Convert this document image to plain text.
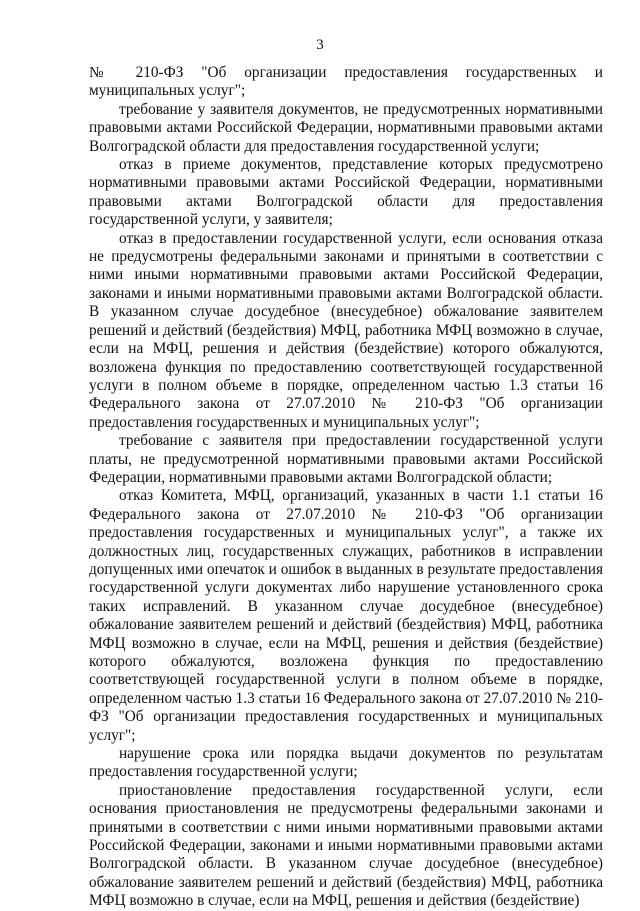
3

№ 210-ФЗ "Об организации предоставления государственных и муниципальных услуг";

требование у заявителя документов, не предусмотренных нормативными правовыми актами Российской Федерации, нормативными правовыми актами Волгоградской области для предоставления государственной услуги;

отказ в приеме документов, представление которых предусмотрено нормативными правовыми актами Российской Федерации, нормативными правовыми актами Волгоградской области для предоставления государственной услуги, у заявителя;

отказ в предоставлении государственной услуги, если основания отказа не предусмотрены федеральными законами и принятыми в соответствии с ними иными нормативными правовыми актами Российской Федерации, законами и иными нормативными правовыми актами Волгоградской области. В указанном случае досудебное (внесудебное) обжалование заявителем решений и действий (бездействия) МФЦ, работника МФЦ возможно в случае, если на МФЦ, решения и действия (бездействие) которого обжалуются, возложена функция по предоставлению соответствующей государственной услуги в полном объеме в порядке, определенном частью 1.3 статьи 16 Федерального закона от 27.07.2010 № 210-ФЗ "Об организации предоставления государственных и муниципальных услуг";

требование с заявителя при предоставлении государственной услуги платы, не предусмотренной нормативными правовыми актами Российской Федерации, нормативными правовыми актами Волгоградской области;

отказ Комитета, МФЦ, организаций, указанных в части 1.1 статьи 16 Федерального закона от 27.07.2010 № 210-ФЗ "Об организации предоставления государственных и муниципальных услуг", а также их должностных лиц, государственных служащих, работников в исправлении допущенных ими опечаток и ошибок в выданных в результате предоставления государственной услуги документах либо нарушение установленного срока таких исправлений. В указанном случае досудебное (внесудебное) обжалование заявителем решений и действий (бездействия) МФЦ, работника МФЦ возможно в случае, если на МФЦ, решения и действия (бездействие) которого обжалуются, возложена функция по предоставлению соответствующей государственной услуги в полном объеме в порядке, определенном частью 1.3 статьи 16 Федерального закона от 27.07.2010 № 210-ФЗ "Об организации предоставления государственных и муниципальных услуг";

нарушение срока или порядка выдачи документов по результатам предоставления государственной услуги;

приостановление предоставления государственной услуги, если основания приостановления не предусмотрены федеральными законами и принятыми в соответствии с ними иными нормативными правовыми актами Российской Федерации, законами и иными нормативными правовыми актами Волгоградской области. В указанном случае досудебное (внесудебное) обжалование заявителем решений и действий (бездействия) МФЦ, работника МФЦ возможно в случае, если на МФЦ, решения и действия (бездействие)
